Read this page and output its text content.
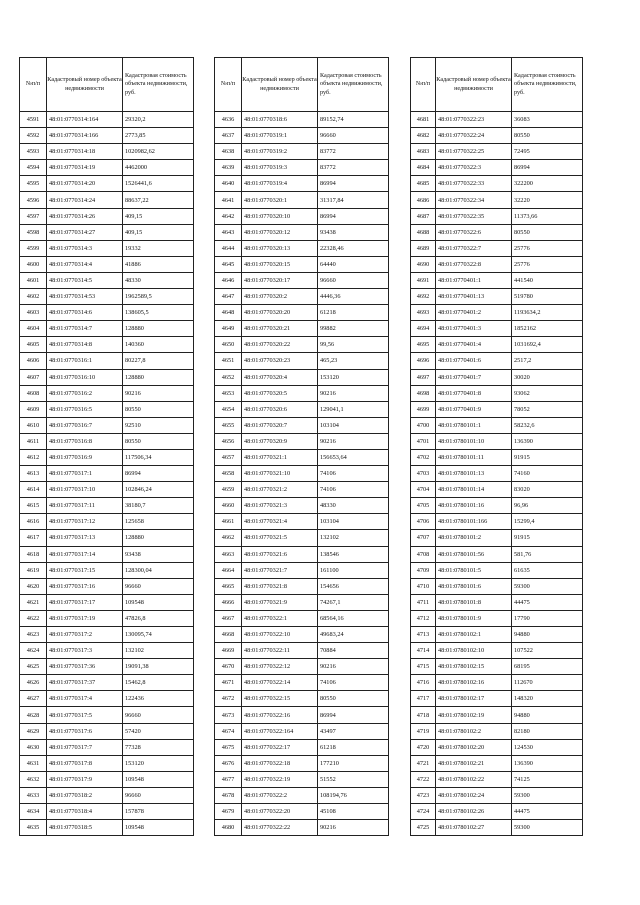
№п/п	Кадастровый номер объекта недвижимости	Кадастровая стоимость объекта недвижимости, руб.
4591	48:01:0770314:164	29320,2
4592	48:01:0770314:166	2773,85
4593	48:01:0770314:18	1020982,62
4594	48:01:0770314:19	4462000
4595	48:01:0770314:20	1526441,6
4596	48:01:0770314:24	88637,22
4597	48:01:0770314:26	409,15
4598	48:01:0770314:27	409,15
4599	48:01:0770314:3	19332
4600	48:01:0770314:4	41886
4601	48:01:0770314:5	48330
4602	48:01:0770314:53	1962589,5
4603	48:01:0770314:6	138605,5
4604	48:01:0770314:7	128880
4605	48:01:0770314:8	140360
4606	48:01:0770316:1	80227,8
4607	48:01:0770316:10	128880
4608	48:01:0770316:2	90216
4609	48:01:0770316:5	80550
4610	48:01:0770316:7	92510
4611	48:01:0770316:8	80550
4612	48:01:0770316:9	117506,34
4613	48:01:0770317:1	86994
4614	48:01:0770317:10	102846,24
4615	48:01:0770317:11	38180,7
4616	48:01:0770317:12	125658
4617	48:01:0770317:13	128880
4618	48:01:0770317:14	93438
4619	48:01:0770317:15	128300,04
4620	48:01:0770317:16	96660
4621	48:01:0770317:17	109548
4622	48:01:0770317:19	47826,8
4623	48:01:0770317:2	130095,74
4624	48:01:0770317:3	132102
4625	48:01:0770317:36	19091,38
4626	48:01:0770317:37	15462,8
4627	48:01:0770317:4	122436
4628	48:01:0770317:5	96660
4629	48:01:0770317:6	57420
4630	48:01:0770317:7	77328
4631	48:01:0770317:8	153120
4632	48:01:0770317:9	109548
4633	48:01:0770318:2	96660
4634	48:01:0770318:4	157878
4635	48:01:0770318:5	109548
№п/п	Кадастровый номер объекта недвижимости	Кадастровая стоимость объекта недвижимости, руб.
4636	48:01:0770318:6	89152,74
4637	48:01:0770319:1	96660
4638	48:01:0770319:2	83772
4639	48:01:0770319:3	83772
4640	48:01:0770319:4	86994
4641	48:01:0770320:1	31317,84
4642	48:01:0770320:10	86994
4643	48:01:0770320:12	93438
4644	48:01:0770320:13	22328,46
4645	48:01:0770320:15	64440
4646	48:01:0770320:17	96660
4647	48:01:0770320:2	4446,36
4648	48:01:0770320:20	61218
4649	48:01:0770320:21	99882
4650	48:01:0770320:22	99,56
4651	48:01:0770320:23	465,23
4652	48:01:0770320:4	153120
4653	48:01:0770320:5	90216
4654	48:01:0770320:6	129041,1
4655	48:01:0770320:7	103104
4656	48:01:0770320:9	90216
4657	48:01:0770321:1	156653,64
4658	48:01:0770321:10	74106
4659	48:01:0770321:2	74106
4660	48:01:0770321:3	48330
4661	48:01:0770321:4	103104
4662	48:01:0770321:5	132102
4663	48:01:0770321:6	138546
4664	48:01:0770321:7	161100
4665	48:01:0770321:8	154656
4666	48:01:0770321:9	74267,1
4667	48:01:0770322:1	68564,16
4668	48:01:0770322:10	49683,24
4669	48:01:0770322:11	70884
4670	48:01:0770322:12	90216
4671	48:01:0770322:14	74106
4672	48:01:0770322:15	80550
4673	48:01:0770322:16	86994
4674	48:01:0770322:164	43497
4675	48:01:0770322:17	61218
4676	48:01:0770322:18	177210
4677	48:01:0770322:19	51552
4678	48:01:0770322:2	108194,76
4679	48:01:0770322:20	45108
4680	48:01:0770322:22	90216
№п/п	Кадастровый номер объекта недвижимости	Кадастровая стоимость объекта недвижимости, руб.
4681	48:01:0770322:23	36083
4682	48:01:0770322:24	80550
4683	48:01:0770322:25	72495
4684	48:01:0770322:3	86994
4685	48:01:0770322:33	322200
4686	48:01:0770322:34	32220
4687	48:01:0770322:35	11373,66
4688	48:01:0770322:6	80550
4689	48:01:0770322:7	25776
4690	48:01:0770322:8	25776
4691	48:01:0770401:1	441540
4692	48:01:0770401:13	519780
4693	48:01:0770401:2	1193634,2
4694	48:01:0770401:3	1852162
4695	48:01:0770401:4	1031692,4
4696	48:01:0770401:6	2517,2
4697	48:01:0770401:7	30020
4698	48:01:0770401:8	93062
4699	48:01:0770401:9	78052
4700	48:01:0780101:1	58232,6
4701	48:01:0780101:10	136390
4702	48:01:0780101:11	91915
4703	48:01:0780101:13	74160
4704	48:01:0780101:14	83020
4705	48:01:0780101:16	96,96
4706	48:01:0780101:166	15299,4
4707	48:01:0780101:2	91915
4708	48:01:0780101:56	581,76
4709	48:01:0780101:5	61635
4710	48:01:0780101:6	59300
4711	48:01:0780101:8	44475
4712	48:01:0780101:9	17790
4713	48:01:0780102:1	94880
4714	48:01:0780102:10	107522
4715	48:01:0780102:15	68195
4716	48:01:0780102:16	112670
4717	48:01:0780102:17	148320
4718	48:01:0780102:19	94880
4719	48:01:0780102:2	82180
4720	48:01:0780102:20	124530
4721	48:01:0780102:21	136390
4722	48:01:0780102:22	74125
4723	48:01:0780102:24	59300
4724	48:01:0780102:26	44475
4725	48:01:0780102:27	59300
